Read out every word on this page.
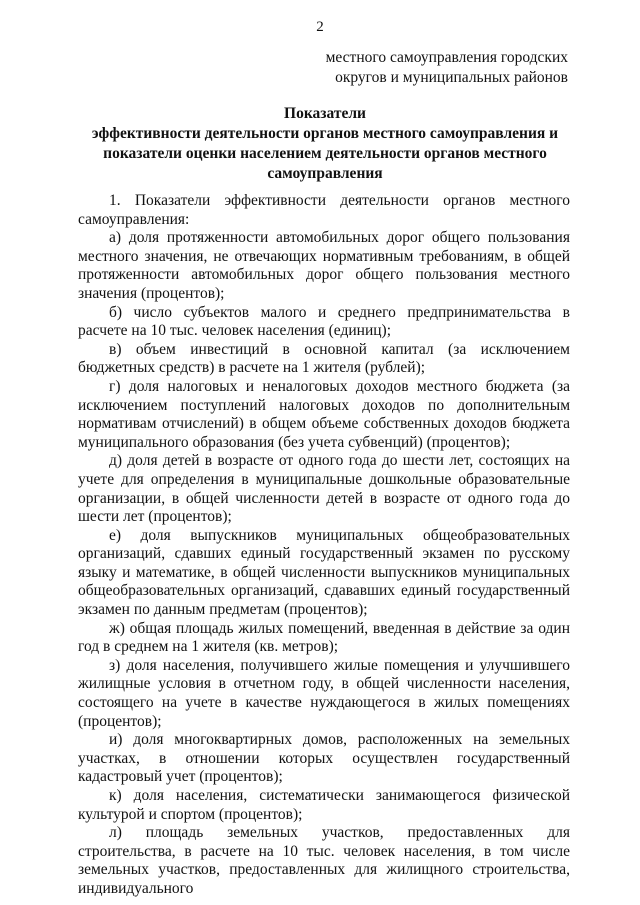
2
местного самоуправления городских
округов и муниципальных районов
Показатели
эффективности деятельности органов местного самоуправления и
показатели оценки населением деятельности органов местного
самоуправления

1. Показатели эффективности деятельности органов местного самоуправления:

а) доля протяженности автомобильных дорог общего пользования местного значения, не отвечающих нормативным требованиям, в общей протяженности автомобильных дорог общего пользования местного значения (процентов);

б) число субъектов малого и среднего предпринимательства в расчете на 10 тыс. человек населения (единиц);

в) объем инвестиций в основной капитал (за исключением бюджетных средств) в расчете на 1 жителя (рублей);

г) доля налоговых и неналоговых доходов местного бюджета (за исключением поступлений налоговых доходов по дополнительным нормативам отчислений) в общем объеме собственных доходов бюджета муниципального образования (без учета субвенций) (процентов);

д) доля детей в возрасте от одного года до шести лет, состоящих на учете для определения в муниципальные дошкольные образовательные организации, в общей численности детей в возрасте от одного года до шести лет (процентов);

е) доля выпускников муниципальных общеобразовательных организаций, сдавших единый государственный экзамен по русскому языку и математике, в общей численности выпускников муниципальных общеобразовательных организаций, сдававших единый государственный экзамен по данным предметам (процентов);

ж) общая площадь жилых помещений, введенная в действие за один год в среднем на 1 жителя (кв. метров);

з) доля населения, получившего жилые помещения и улучшившего жилищные условия в отчетном году, в общей численности населения, состоящего на учете в качестве нуждающегося в жилых помещениях (процентов);

и) доля многоквартирных домов, расположенных на земельных участках, в отношении которых осуществлен государственный кадастровый учет (процентов);

к) доля населения, систематически занимающегося физической культурой и спортом (процентов);

л) площадь земельных участков, предоставленных для строительства, в расчете на 10 тыс. человек населения, в том числе земельных участков, предоставленных для жилищного строительства, индивидуального
